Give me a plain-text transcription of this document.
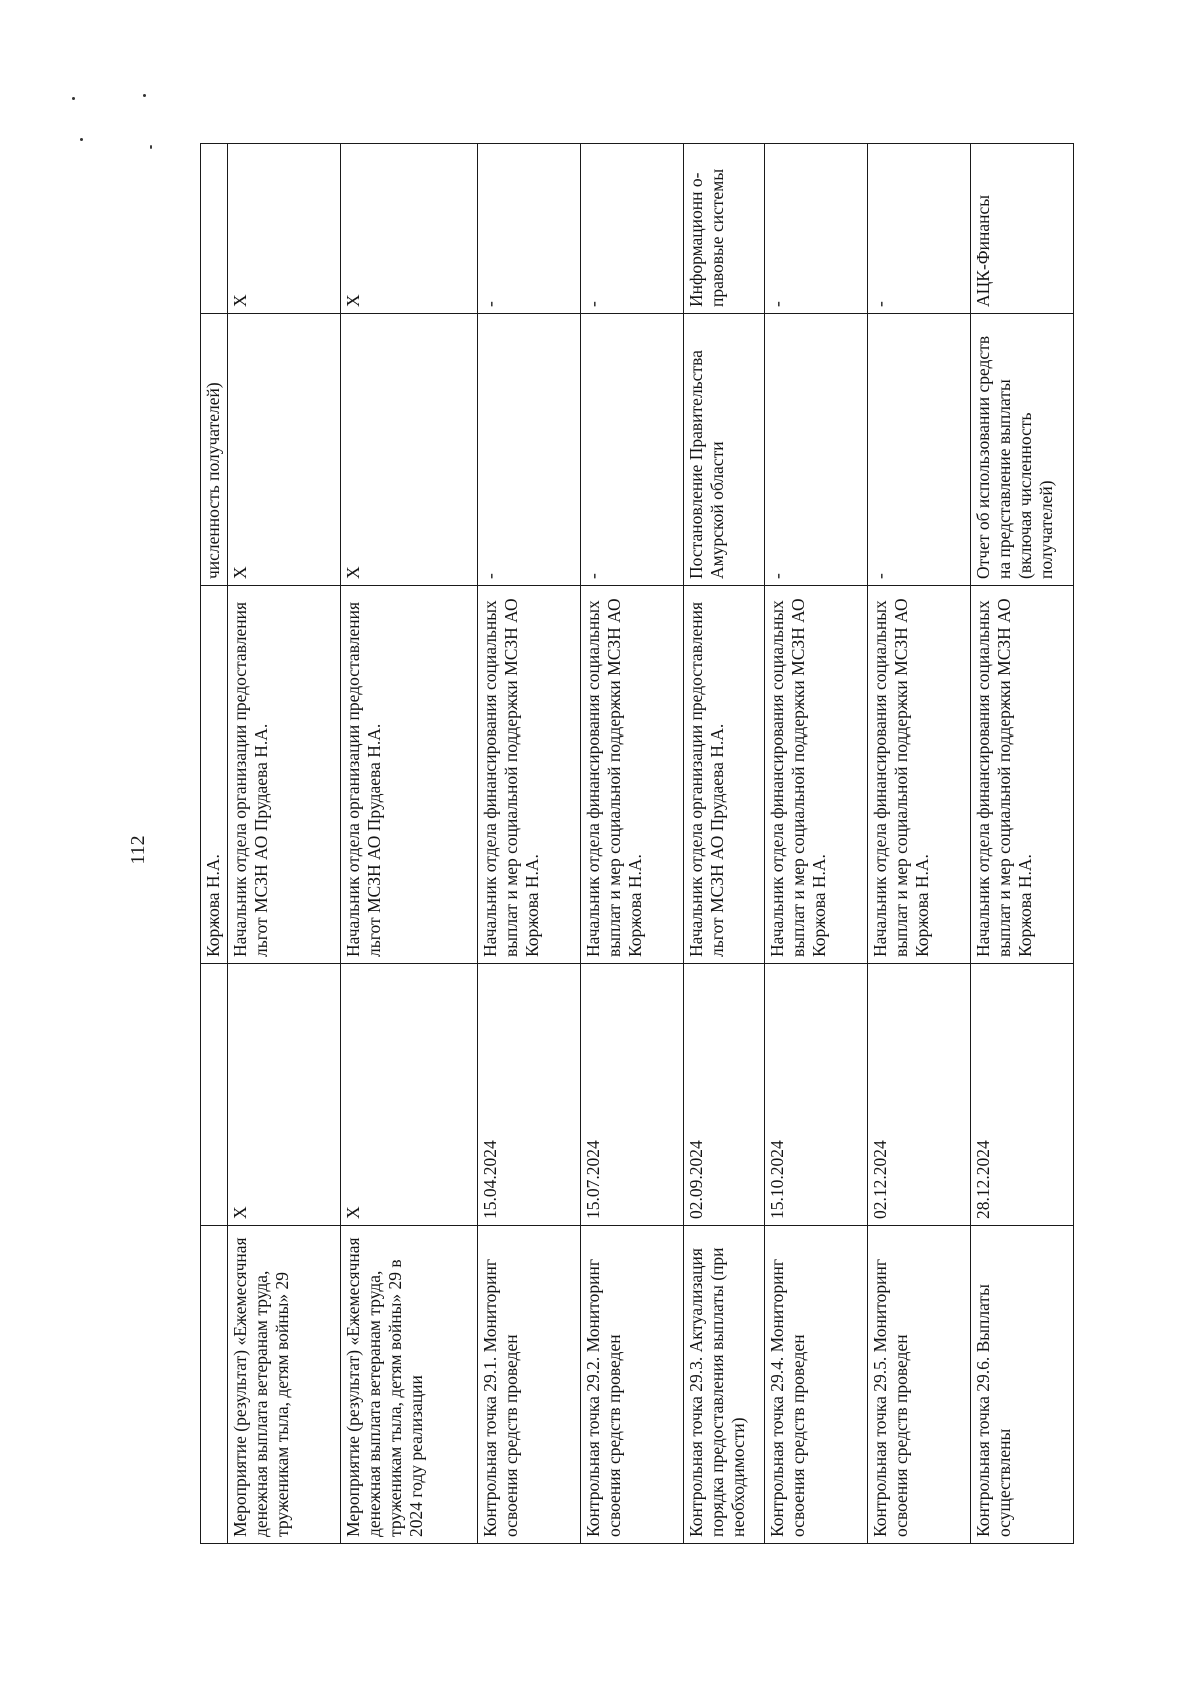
112
		Коржова Н.А.	численность получателей)	
Мероприятие (результат) «Ежемесячная денежная выплата ветеранам труда, труженикам тыла, детям войны» 29	X	Начальник отдела организации предоставления льгот МСЗН АО Прудаева Н.А.	X	X
Мероприятие (результат) «Ежемесячная денежная выплата ветеранам труда, труженикам тыла, детям войны» 29 в 2024 году реализации	X	Начальник отдела организации предоставления льгот МСЗН АО Прудаева Н.А.	X	X
Контрольная точка 29.1. Мониторинг освоения средств проведен	15.04.2024	Начальник отдела финансирования социальных выплат и мер социальной поддержки МСЗН АО Коржова Н.А.	-	-
Контрольная точка 29.2. Мониторинг освоения средств проведен	15.07.2024	Начальник отдела финансирования социальных выплат и мер социальной поддержки МСЗН АО Коржова Н.А.	-	-
Контрольная точка 29.3. Актуализация порядка предоставления выплаты (при необходимости)	02.09.2024	Начальник отдела организации предоставления льгот МСЗН АО Прудаева Н.А.	Постановление Правительства Амурской области	Информационн о-правовые системы
Контрольная точка 29.4. Мониторинг освоения средств проведен	15.10.2024	Начальник отдела финансирования социальных выплат и мер социальной поддержки МСЗН АО Коржова Н.А.	-	-
Контрольная точка 29.5. Мониторинг освоения средств проведен	02.12.2024	Начальник отдела финансирования социальных выплат и мер социальной поддержки МСЗН АО Коржова Н.А.	-	-
Контрольная точка 29.6. Выплаты осуществлены	28.12.2024	Начальник отдела финансирования социальных выплат и мер социальной поддержки МСЗН АО Коржова Н.А.	Отчет об использовании средств на представление выплаты (включая численность получателей)	АЦК-Финансы
